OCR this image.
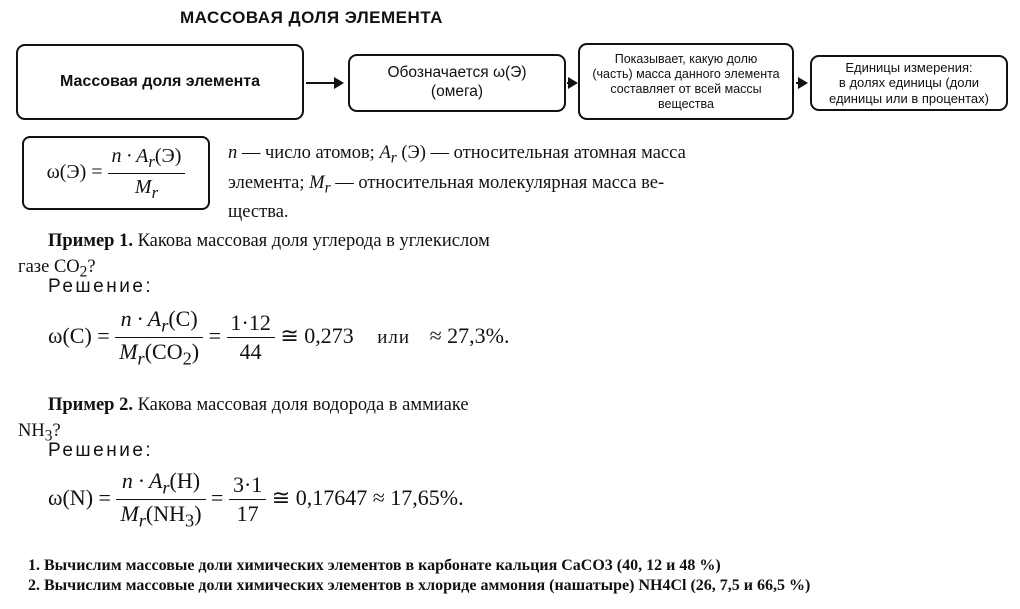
МАССОВАЯ ДОЛЯ ЭЛЕМЕНТА
Массовая доля элемента
Обозначается ω(Э)
(омега)
Показывает, какую долю
(часть) масса данного элемента
составляет от всей массы
вещества
Единицы измерения:
в долях единицы (доли
единицы или в процентах)
$\omega(Э) = \frac{n \cdot A_r(Э)}{M_r}$ n — число атомов; $A_r$ (Э) — относительная атомная масса
элемента; $M_r$ — относительная молекулярная масса ве-
щества.
Пример 1. Какова массовая доля углерода в углекислом
газе $CO_2$?
Решение:
$\omega(C) = \frac{n \cdot A_r(C)}{M_r(CO_2)} = \frac{1\cdot 12}{44}$ ≅ 0,273 или ≈ 27,3%.
Пример 2. Какова массовая доля водорода в аммиаке
$NH_3$?
Решение:
$\omega(N) = \frac{n \cdot A_r(H)}{M_r(NH_3)} = \frac{3\cdot 1}{17}$ ≅ 0,17647 ≈ 17,65%.
1. Вычислим массовые доли химических элементов в карбонате кальция CaCO3 (40, 12 и 48 %)
2. Вычислим массовые доли химических элементов в хлориде аммония (нашатыре) NH4Cl (26, 7,5 и 66,5 %)
